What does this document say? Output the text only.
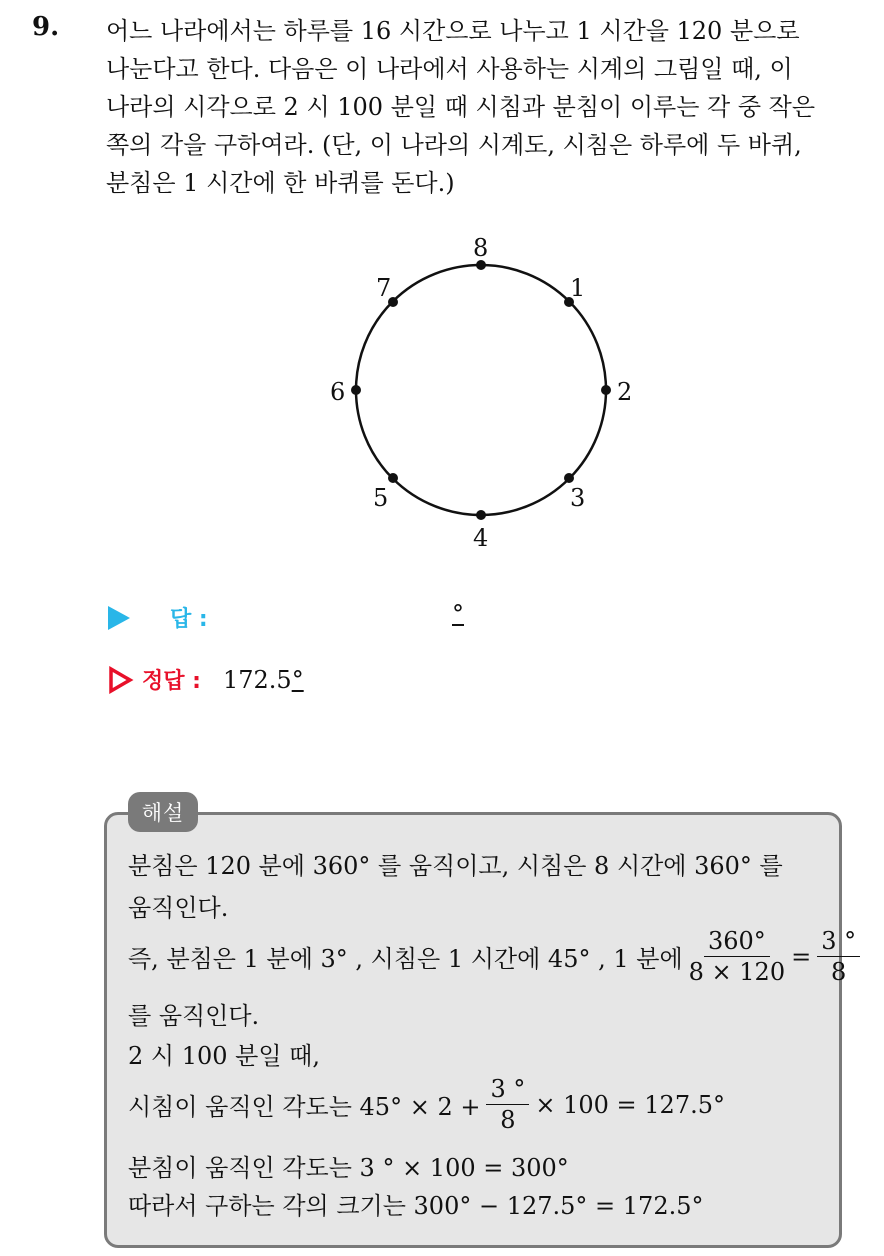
9. 어느 나라에서는 하루를 16 시간으로 나누고 1 시간을 120 분으로
나눈다고 한다. 다음은 이 나라에서 사용하는 시계의 그림일 때, 이
나라의 시각으로 2 시 100 분일 때 시침과 분침이 이루는 각 중 작은
쪽의 각을 구하여라. (단, 이 나라의 시계도, 시침은 하루에 두 바퀴,
분침은 1 시간에 한 바퀴를 돈다.)
8
1
2
3
4
5
6
7
답 :	°
정답 : 172.5°
해설
분침은 120 분에 360° 를 움직이고, 시침은 8 시간에 360° 를
움직인다.
즉, 분침은 1 분에 3° , 시침은 1 시간에 45° , 1 분에 $\frac{360^\circ}{8 \times 120} = \frac{3 ^\circ}{8}$
를 움직인다.
2 시 100 분일 때,
시침이 움직인 각도는 $45^\circ \times 2 + \frac{3 ^\circ}{8} \times 100 = 127.5^\circ$
분침이 움직인 각도는 3 ° × 100 = 300°
따라서 구하는 각의 크기는 300° − 127.5° = 172.5°
